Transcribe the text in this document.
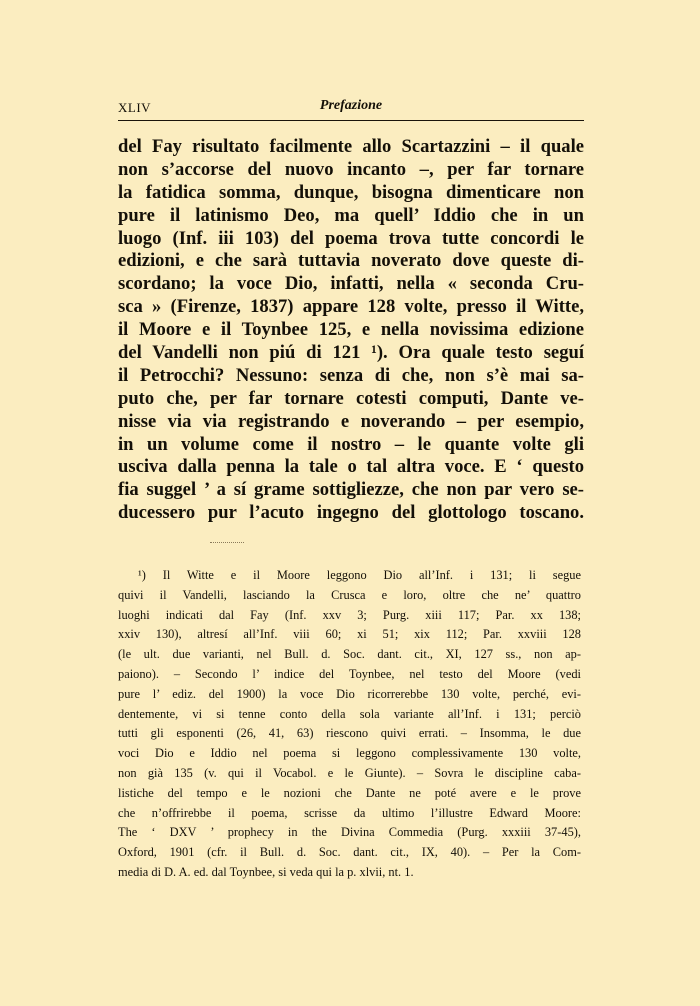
XLIV	Prefazione
del Fay risultato facilmente allo Scartazzini – il quale
non s’accorse del nuovo incanto –, per far tornare
la fatidica somma, dunque, bisogna dimenticare non
pure il latinismo Deo, ma quell’ Iddio che in un
luogo (Inf. iii 103) del poema trova tutte concordi le
edizioni, e che sarà tuttavia noverato dove queste di-
scordano; la voce Dio, infatti, nella « seconda Cru-
sca » (Firenze, 1837) appare 128 volte, presso il Witte,
il Moore e il Toynbee 125, e nella novissima edizione
del Vandelli non piú di 121 ¹). Ora quale testo seguí
il Petrocchi? Nessuno: senza di che, non s’è mai sa-
puto che, per far tornare cotesti computi, Dante ve-
nisse via via registrando e noverando – per esempio,
in un volume come il nostro – le quante volte gli
usciva dalla penna la tale o tal altra voce. E ‘ questo
fia suggel ’ a sí grame sottigliezze, che non par vero se-
ducessero pur l’acuto ingegno del glottologo toscano.
¹) Il Witte e il Moore leggono Dio all’Inf. i 131; li segue
quivi il Vandelli, lasciando la Crusca e loro, oltre che ne’ quattro
luoghi indicati dal Fay (Inf. xxv 3; Purg. xiii 117; Par. xx 138;
xxiv 130), altresí all’Inf. viii 60; xi 51; xix 112; Par. xxviii 128
(le ult. due varianti, nel Bull. d. Soc. dant. cit., XI, 127 ss., non ap-
paiono). – Secondo l’ indice del Toynbee, nel testo del Moore (vedi
pure l’ ediz. del 1900) la voce Dio ricorrerebbe 130 volte, perché, evi-
dentemente, vi si tenne conto della sola variante all’Inf. i 131; perciò
tutti gli esponenti (26, 41, 63) riescono quivi errati. – Insomma, le due
voci Dio e Iddio nel poema si leggono complessivamente 130 volte,
non già 135 (v. qui il Vocabol. e le Giunte). – Sovra le discipline caba-
listiche del tempo e le nozioni che Dante ne poté avere e le prove
che n’offrirebbe il poema, scrisse da ultimo l’illustre Edward Moore:
The ‘ DXV ’ prophecy in the Divina Commedia (Purg. xxxiii 37-45),
Oxford, 1901 (cfr. il Bull. d. Soc. dant. cit., IX, 40). – Per la Com-
media di D. A. ed. dal Toynbee, si veda qui la p. xlvii, nt. 1.
